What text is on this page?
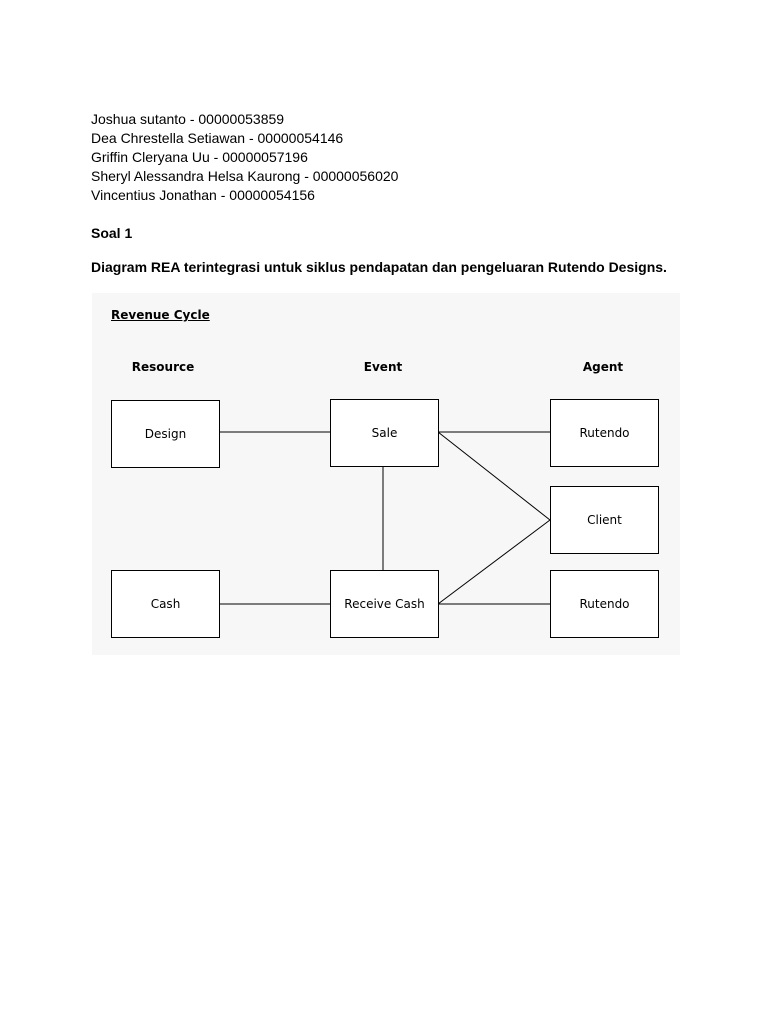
Joshua sutanto - 00000053859
Dea Chrestella Setiawan - 00000054146
Griffin Cleryana Uu - 00000057196
Sheryl Alessandra Helsa Kaurong - 00000056020
Vincentius Jonathan - 00000054156
Soal 1
Diagram REA terintegrasi untuk siklus pendapatan dan pengeluaran Rutendo Designs.
Revenue Cycle
Resource	Event	Agent
Design	Sale	Rutendo
Client
Cash	Receive Cash	Rutendo
